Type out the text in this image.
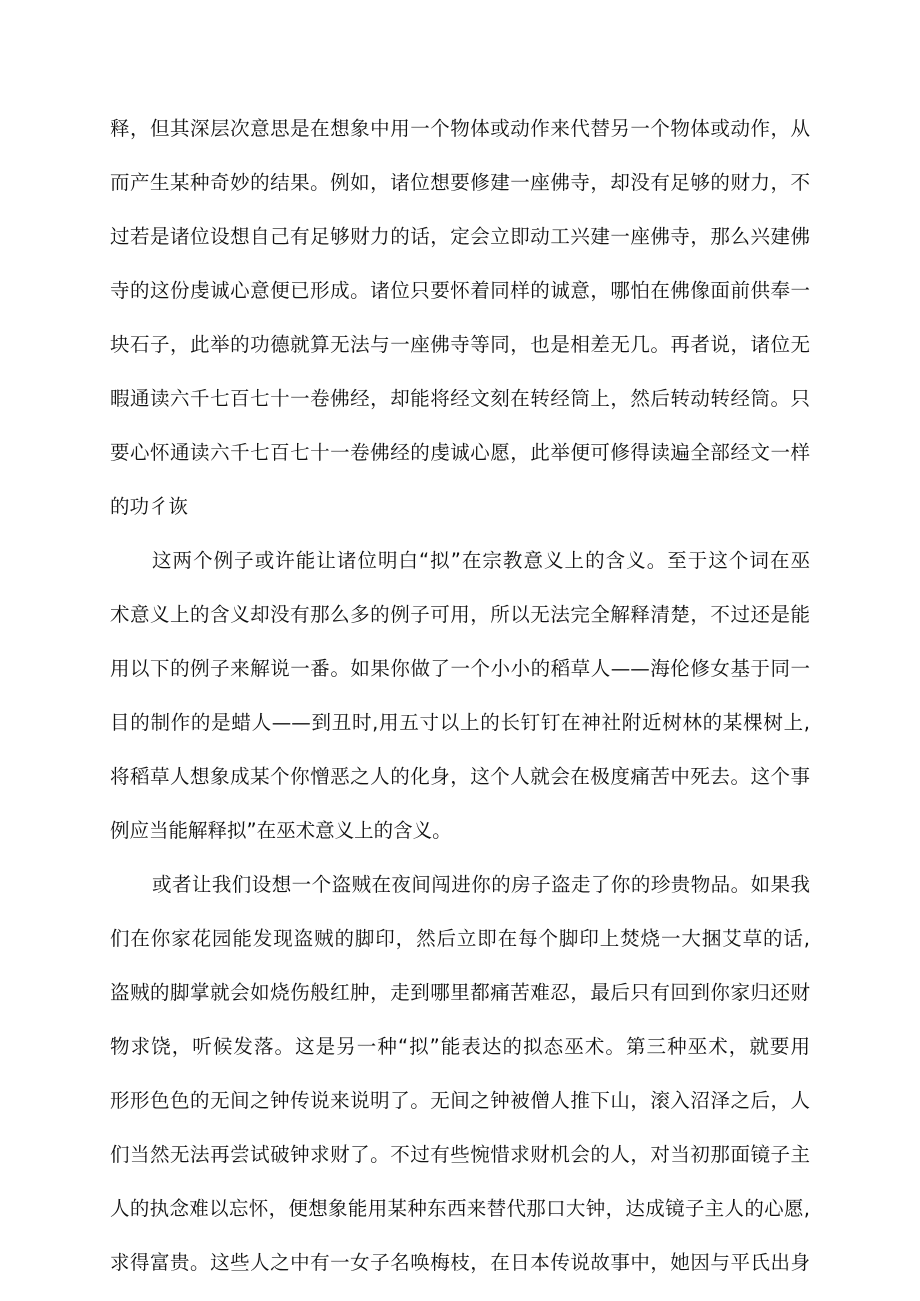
释，但其深层次意思是在想象中用一个物体或动作来代替另一个物体或动作，从
而产生某种奇妙的结果。例如，诸位想要修建一座佛寺，却没有足够的财力，不
过若是诸位设想自己有足够财力的话，定会立即动工兴建一座佛寺，那么兴建佛
寺的这份虔诚心意便已形成。诸位只要怀着同样的诚意，哪怕在佛像面前供奉一
块石子，此举的功德就算无法与一座佛寺等同，也是相差无几。再者说，诸位无
暇通读六千七百七十一卷佛经，却能将经文刻在转经筒上，然后转动转经筒。只
要心怀通读六千七百七十一卷佛经的虔诚心愿，此举便可修得读遍全部经文一样
的功彳诙
这两个例子或许能让诸位明白“拟”在宗教意义上的含义。至于这个词在巫
术意义上的含义却没有那么多的例子可用，所以无法完全解释清楚，不过还是能
用以下的例子来解说一番。如果你做了一个小小的稻草人——海伦修女基于同一
目的制作的是蜡人——到丑时,用五寸以上的长钉钉在神社附近树林的某棵树上,
将稻草人想象成某个你憎恶之人的化身，这个人就会在极度痛苦中死去。这个事
例应当能解释拟”在巫术意义上的含义。
或者让我们设想一个盗贼在夜间闯进你的房子盗走了你的珍贵物品。如果我
们在你家花园能发现盗贼的脚印，然后立即在每个脚印上焚烧一大捆艾草的话,
盗贼的脚掌就会如烧伤般红肿，走到哪里都痛苦难忍，最后只有回到你家归还财
物求饶，听候发落。这是另一种“拟”能表达的拟态巫术。第三种巫术，就要用
形形色色的无间之钟传说来说明了。无间之钟被僧人推下山，滚入沼泽之后，人
们当然无法再尝试破钟求财了。不过有些惋惜求财机会的人，对当初那面镜子主
人的执念难以忘怀，便想象能用某种东西来替代那口大钟，达成镜子主人的心愿,
求得富贵。这些人之中有一女子名唤梅枝，在日本传说故事中，她因与平氏出身
